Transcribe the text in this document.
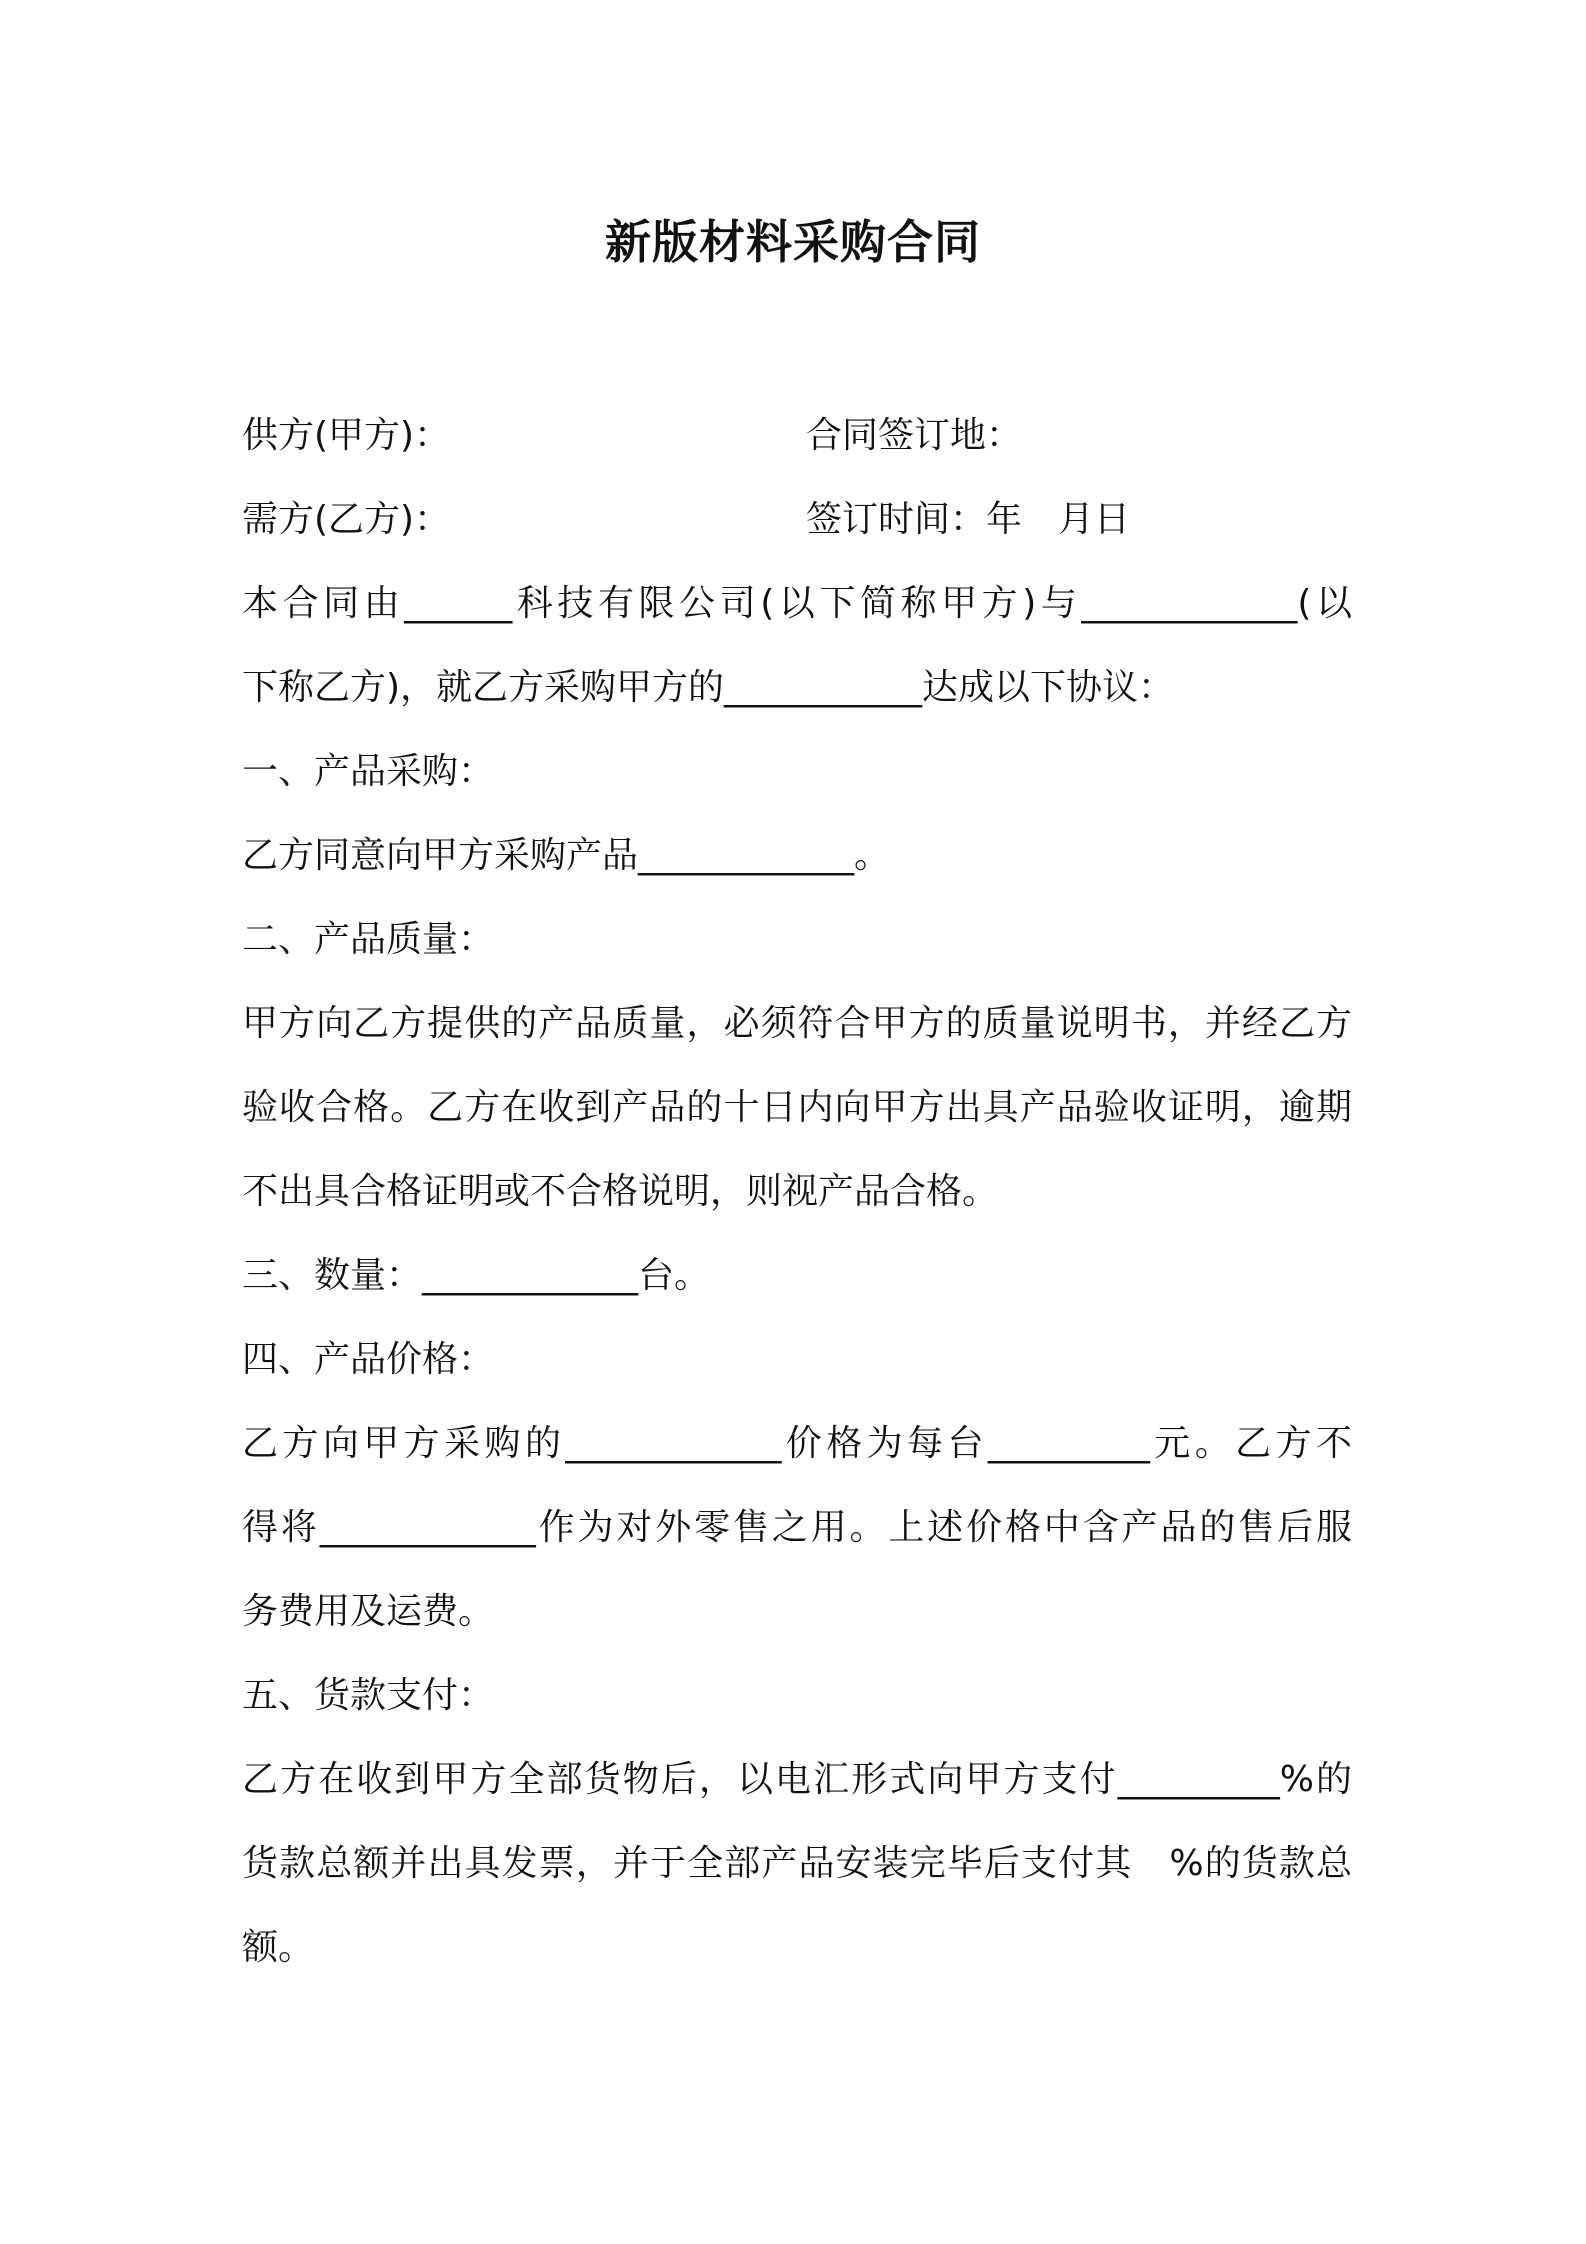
新版材料采购合同
供方(甲方)：	合同签订地：
需方(乙方)：	签订时间：年　月日
本合同由______科技有限公司(以下简称甲方)与____________(以
下称乙方)，就乙方采购甲方的___________达成以下协议：
一、产品采购：
乙方同意向甲方采购产品____________。
二、产品质量：
甲方向乙方提供的产品质量，必须符合甲方的质量说明书，并经乙方
验收合格。乙方在收到产品的十日内向甲方出具产品验收证明，逾期
不出具合格证明或不合格说明，则视产品合格。
三、数量：____________台。
四、产品价格：
乙方向甲方采购的____________价格为每台_________元。乙方不
得将____________作为对外零售之用。上述价格中含产品的售后服
务费用及运费。
五、货款支付：
乙方在收到甲方全部货物后，以电汇形式向甲方支付_________%的
货款总额并出具发票，并于全部产品安装完毕后支付其　%的货款总
额。
